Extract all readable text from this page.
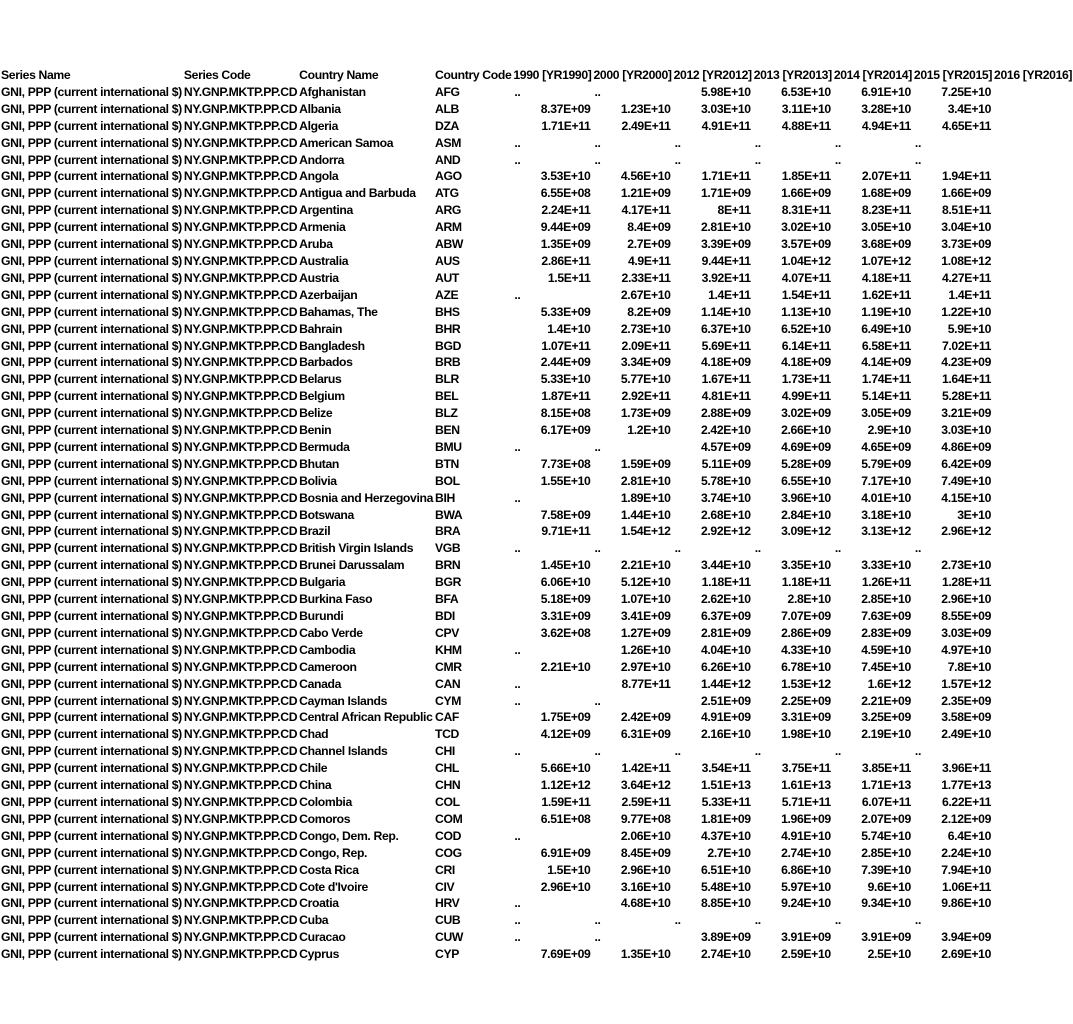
Series Name	Series Code	Country Name	Country Code	1990 [YR1990]	2000 [YR2000]	2012 [YR2012]	2013 [YR2013]	2014 [YR2014]	2015 [YR2015]	2016 [YR2016]
GNI, PPP (current international $)	NY.GNP.MKTP.PP.CD	Afghanistan	AFG	..	..	5.98E+10	6.53E+10	6.91E+10	7.25E+10	
GNI, PPP (current international $)	NY.GNP.MKTP.PP.CD	Albania	ALB	8.37E+09	1.23E+10	3.03E+10	3.11E+10	3.28E+10	3.4E+10	
GNI, PPP (current international $)	NY.GNP.MKTP.PP.CD	Algeria	DZA	1.71E+11	2.49E+11	4.91E+11	4.88E+11	4.94E+11	4.65E+11	
GNI, PPP (current international $)	NY.GNP.MKTP.PP.CD	American Samoa	ASM	..	..	..	..	..	..	
GNI, PPP (current international $)	NY.GNP.MKTP.PP.CD	Andorra	AND	..	..	..	..	..	..	
GNI, PPP (current international $)	NY.GNP.MKTP.PP.CD	Angola	AGO	3.53E+10	4.56E+10	1.71E+11	1.85E+11	2.07E+11	1.94E+11	
GNI, PPP (current international $)	NY.GNP.MKTP.PP.CD	Antigua and Barbuda	ATG	6.55E+08	1.21E+09	1.71E+09	1.66E+09	1.68E+09	1.66E+09	
GNI, PPP (current international $)	NY.GNP.MKTP.PP.CD	Argentina	ARG	2.24E+11	4.17E+11	8E+11	8.31E+11	8.23E+11	8.51E+11	
GNI, PPP (current international $)	NY.GNP.MKTP.PP.CD	Armenia	ARM	9.44E+09	8.4E+09	2.81E+10	3.02E+10	3.05E+10	3.04E+10	
GNI, PPP (current international $)	NY.GNP.MKTP.PP.CD	Aruba	ABW	1.35E+09	2.7E+09	3.39E+09	3.57E+09	3.68E+09	3.73E+09	
GNI, PPP (current international $)	NY.GNP.MKTP.PP.CD	Australia	AUS	2.86E+11	4.9E+11	9.44E+11	1.04E+12	1.07E+12	1.08E+12	
GNI, PPP (current international $)	NY.GNP.MKTP.PP.CD	Austria	AUT	1.5E+11	2.33E+11	3.92E+11	4.07E+11	4.18E+11	4.27E+11	
GNI, PPP (current international $)	NY.GNP.MKTP.PP.CD	Azerbaijan	AZE	..	2.67E+10	1.4E+11	1.54E+11	1.62E+11	1.4E+11	
GNI, PPP (current international $)	NY.GNP.MKTP.PP.CD	Bahamas, The	BHS	5.33E+09	8.2E+09	1.14E+10	1.13E+10	1.19E+10	1.22E+10	
GNI, PPP (current international $)	NY.GNP.MKTP.PP.CD	Bahrain	BHR	1.4E+10	2.73E+10	6.37E+10	6.52E+10	6.49E+10	5.9E+10	
GNI, PPP (current international $)	NY.GNP.MKTP.PP.CD	Bangladesh	BGD	1.07E+11	2.09E+11	5.69E+11	6.14E+11	6.58E+11	7.02E+11	
GNI, PPP (current international $)	NY.GNP.MKTP.PP.CD	Barbados	BRB	2.44E+09	3.34E+09	4.18E+09	4.18E+09	4.14E+09	4.23E+09	
GNI, PPP (current international $)	NY.GNP.MKTP.PP.CD	Belarus	BLR	5.33E+10	5.77E+10	1.67E+11	1.73E+11	1.74E+11	1.64E+11	
GNI, PPP (current international $)	NY.GNP.MKTP.PP.CD	Belgium	BEL	1.87E+11	2.92E+11	4.81E+11	4.99E+11	5.14E+11	5.28E+11	
GNI, PPP (current international $)	NY.GNP.MKTP.PP.CD	Belize	BLZ	8.15E+08	1.73E+09	2.88E+09	3.02E+09	3.05E+09	3.21E+09	
GNI, PPP (current international $)	NY.GNP.MKTP.PP.CD	Benin	BEN	6.17E+09	1.2E+10	2.42E+10	2.66E+10	2.9E+10	3.03E+10	
GNI, PPP (current international $)	NY.GNP.MKTP.PP.CD	Bermuda	BMU	..	..	4.57E+09	4.69E+09	4.65E+09	4.86E+09	
GNI, PPP (current international $)	NY.GNP.MKTP.PP.CD	Bhutan	BTN	7.73E+08	1.59E+09	5.11E+09	5.28E+09	5.79E+09	6.42E+09	
GNI, PPP (current international $)	NY.GNP.MKTP.PP.CD	Bolivia	BOL	1.55E+10	2.81E+10	5.78E+10	6.55E+10	7.17E+10	7.49E+10	
GNI, PPP (current international $)	NY.GNP.MKTP.PP.CD	Bosnia and Herzegovina	BIH	..	1.89E+10	3.74E+10	3.96E+10	4.01E+10	4.15E+10	
GNI, PPP (current international $)	NY.GNP.MKTP.PP.CD	Botswana	BWA	7.58E+09	1.44E+10	2.68E+10	2.84E+10	3.18E+10	3E+10	
GNI, PPP (current international $)	NY.GNP.MKTP.PP.CD	Brazil	BRA	9.71E+11	1.54E+12	2.92E+12	3.09E+12	3.13E+12	2.96E+12	
GNI, PPP (current international $)	NY.GNP.MKTP.PP.CD	British Virgin Islands	VGB	..	..	..	..	..	..	
GNI, PPP (current international $)	NY.GNP.MKTP.PP.CD	Brunei Darussalam	BRN	1.45E+10	2.21E+10	3.44E+10	3.35E+10	3.33E+10	2.73E+10	
GNI, PPP (current international $)	NY.GNP.MKTP.PP.CD	Bulgaria	BGR	6.06E+10	5.12E+10	1.18E+11	1.18E+11	1.26E+11	1.28E+11	
GNI, PPP (current international $)	NY.GNP.MKTP.PP.CD	Burkina Faso	BFA	5.18E+09	1.07E+10	2.62E+10	2.8E+10	2.85E+10	2.96E+10	
GNI, PPP (current international $)	NY.GNP.MKTP.PP.CD	Burundi	BDI	3.31E+09	3.41E+09	6.37E+09	7.07E+09	7.63E+09	8.55E+09	
GNI, PPP (current international $)	NY.GNP.MKTP.PP.CD	Cabo Verde	CPV	3.62E+08	1.27E+09	2.81E+09	2.86E+09	2.83E+09	3.03E+09	
GNI, PPP (current international $)	NY.GNP.MKTP.PP.CD	Cambodia	KHM	..	1.26E+10	4.04E+10	4.33E+10	4.59E+10	4.97E+10	
GNI, PPP (current international $)	NY.GNP.MKTP.PP.CD	Cameroon	CMR	2.21E+10	2.97E+10	6.26E+10	6.78E+10	7.45E+10	7.8E+10	
GNI, PPP (current international $)	NY.GNP.MKTP.PP.CD	Canada	CAN	..	8.77E+11	1.44E+12	1.53E+12	1.6E+12	1.57E+12	
GNI, PPP (current international $)	NY.GNP.MKTP.PP.CD	Cayman Islands	CYM	..	..	2.51E+09	2.25E+09	2.21E+09	2.35E+09	
GNI, PPP (current international $)	NY.GNP.MKTP.PP.CD	Central African Republic	CAF	1.75E+09	2.42E+09	4.91E+09	3.31E+09	3.25E+09	3.58E+09	
GNI, PPP (current international $)	NY.GNP.MKTP.PP.CD	Chad	TCD	4.12E+09	6.31E+09	2.16E+10	1.98E+10	2.19E+10	2.49E+10	
GNI, PPP (current international $)	NY.GNP.MKTP.PP.CD	Channel Islands	CHI	..	..	..	..	..	..	
GNI, PPP (current international $)	NY.GNP.MKTP.PP.CD	Chile	CHL	5.66E+10	1.42E+11	3.54E+11	3.75E+11	3.85E+11	3.96E+11	
GNI, PPP (current international $)	NY.GNP.MKTP.PP.CD	China	CHN	1.12E+12	3.64E+12	1.51E+13	1.61E+13	1.71E+13	1.77E+13	
GNI, PPP (current international $)	NY.GNP.MKTP.PP.CD	Colombia	COL	1.59E+11	2.59E+11	5.33E+11	5.71E+11	6.07E+11	6.22E+11	
GNI, PPP (current international $)	NY.GNP.MKTP.PP.CD	Comoros	COM	6.51E+08	9.77E+08	1.81E+09	1.96E+09	2.07E+09	2.12E+09	
GNI, PPP (current international $)	NY.GNP.MKTP.PP.CD	Congo, Dem. Rep.	COD	..	2.06E+10	4.37E+10	4.91E+10	5.74E+10	6.4E+10	
GNI, PPP (current international $)	NY.GNP.MKTP.PP.CD	Congo, Rep.	COG	6.91E+09	8.45E+09	2.7E+10	2.74E+10	2.85E+10	2.24E+10	
GNI, PPP (current international $)	NY.GNP.MKTP.PP.CD	Costa Rica	CRI	1.5E+10	2.96E+10	6.51E+10	6.86E+10	7.39E+10	7.94E+10	
GNI, PPP (current international $)	NY.GNP.MKTP.PP.CD	Cote d'Ivoire	CIV	2.96E+10	3.16E+10	5.48E+10	5.97E+10	9.6E+10	1.06E+11	
GNI, PPP (current international $)	NY.GNP.MKTP.PP.CD	Croatia	HRV	..	4.68E+10	8.85E+10	9.24E+10	9.34E+10	9.86E+10	
GNI, PPP (current international $)	NY.GNP.MKTP.PP.CD	Cuba	CUB	..	..	..	..	..	..	
GNI, PPP (current international $)	NY.GNP.MKTP.PP.CD	Curacao	CUW	..	..	3.89E+09	3.91E+09	3.91E+09	3.94E+09	
GNI, PPP (current international $)	NY.GNP.MKTP.PP.CD	Cyprus	CYP	7.69E+09	1.35E+10	2.74E+10	2.59E+10	2.5E+10	2.69E+10	
